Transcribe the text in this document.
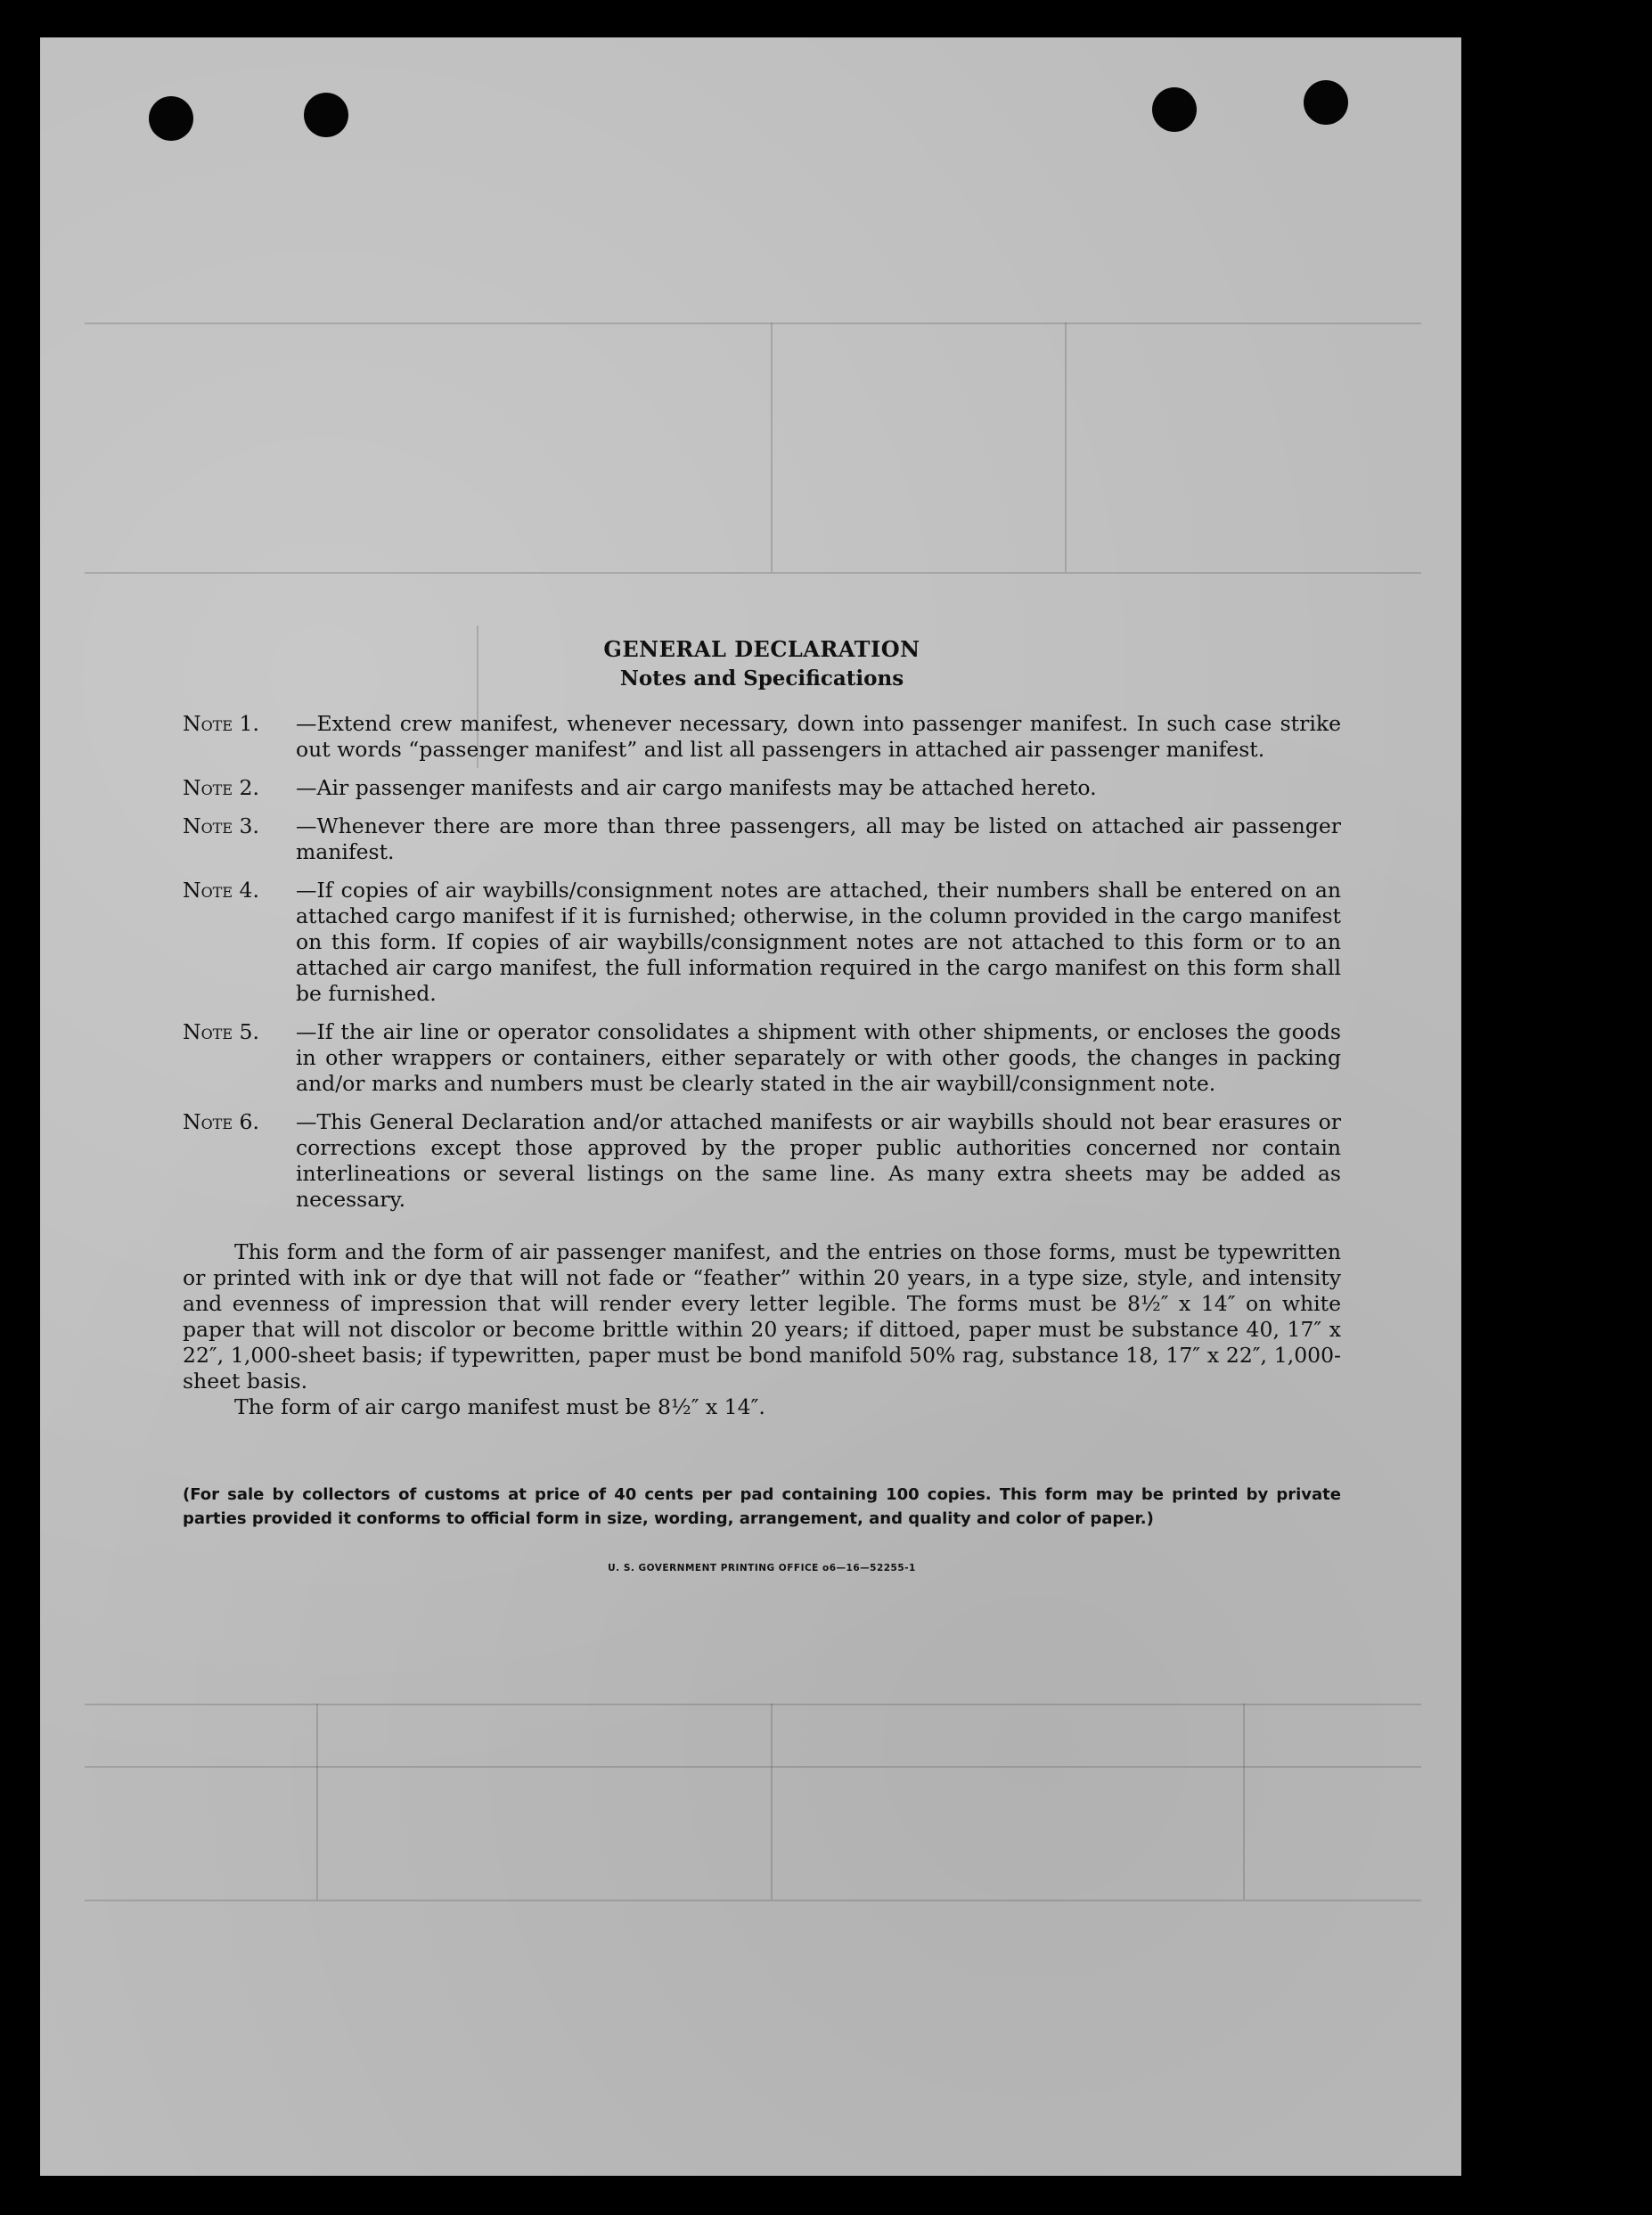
GENERAL DECLARATION

Notes and Specifications

Note 1. —Extend crew manifest, whenever necessary, down into passenger manifest. In such case strike out words “passenger manifest” and list all passengers in attached air passenger manifest.

Note 2. —Air passenger manifests and air cargo manifests may be attached hereto.

Note 3. —Whenever there are more than three passengers, all may be listed on attached air passenger manifest.

Note 4. —If copies of air waybills/consignment notes are attached, their numbers shall be entered on an attached cargo manifest if it is furnished; otherwise, in the column provided in the cargo manifest on this form. If copies of air waybills/consignment notes are not attached to this form or to an attached air cargo manifest, the full information required in the cargo manifest on this form shall be furnished.

Note 5. —If the air line or operator consolidates a shipment with other shipments, or encloses the goods in other wrappers or containers, either separately or with other goods, the changes in packing and/or marks and numbers must be clearly stated in the air waybill/consignment note.

Note 6. —This General Declaration and/or attached manifests or air waybills should not bear erasures or corrections except those approved by the proper public authorities concerned nor contain interlineations or several listings on the same line. As many extra sheets may be added as necessary.

This form and the form of air passenger manifest, and the entries on those forms, must be typewritten or printed with ink or dye that will not fade or “feather” within 20 years, in a type size, style, and intensity and evenness of impression that will render every letter legible. The forms must be 8½″ x 14″ on white paper that will not discolor or become brittle within 20 years; if dittoed, paper must be substance 40, 17″ x 22″, 1,000-sheet basis; if typewritten, paper must be bond manifold 50% rag, substance 18, 17″ x 22″, 1,000-sheet basis.

The form of air cargo manifest must be 8½″ x 14″.

(For sale by collectors of customs at price of 40 cents per pad containing 100 copies. This form may be printed by private parties provided it conforms to official form in size, wording, arrangement, and quality and color of paper.)

U. S. GOVERNMENT PRINTING OFFICE o6—16—52255-1
